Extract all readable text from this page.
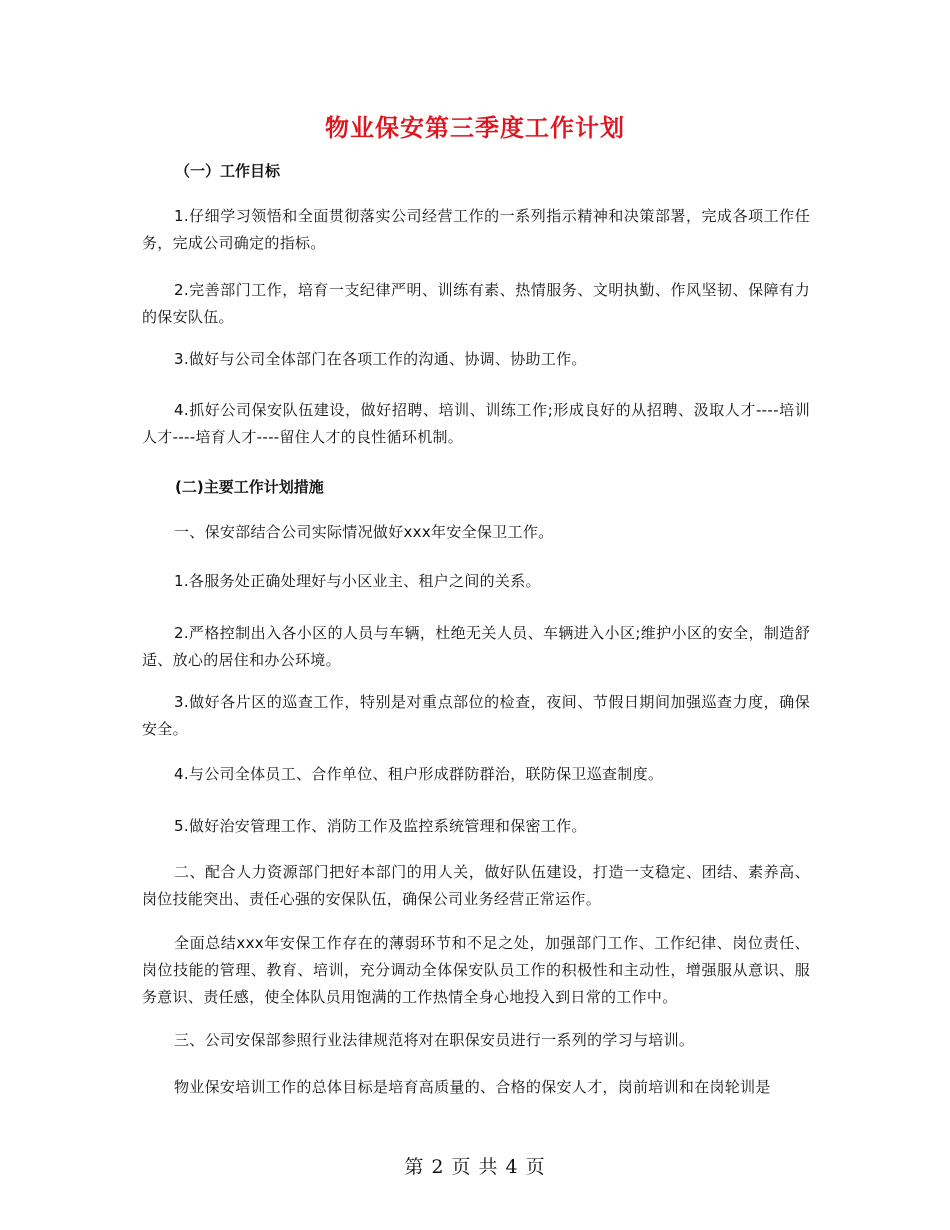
物业保安第三季度工作计划
（一）工作目标
1.仔细学习领悟和全面贯彻落实公司经营工作的一系列指示精神和决策部署，完成各项工作任务，完成公司确定的指标。
2.完善部门工作，培育一支纪律严明、训练有素、热情服务、文明执勤、作风坚韧、保障有力的保安队伍。
3.做好与公司全体部门在各项工作的沟通、协调、协助工作。
4.抓好公司保安队伍建设，做好招聘、培训、训练工作;形成良好的从招聘、汲取人才----培训人才----培育人才----留住人才的良性循环机制。
(二)主要工作计划措施
一、保安部结合公司实际情况做好xxx年安全保卫工作。
1.各服务处正确处理好与小区业主、租户之间的关系。
2.严格控制出入各小区的人员与车辆，杜绝无关人员、车辆进入小区;维护小区的安全，制造舒适、放心的居住和办公环境。
3.做好各片区的巡查工作，特别是对重点部位的检查，夜间、节假日期间加强巡查力度，确保安全。
4.与公司全体员工、合作单位、租户形成群防群治，联防保卫巡查制度。
5.做好治安管理工作、消防工作及监控系统管理和保密工作。
二、配合人力资源部门把好本部门的用人关，做好队伍建设，打造一支稳定、团结、素养高、岗位技能突出、责任心强的安保队伍，确保公司业务经营正常运作。
全面总结xxx年安保工作存在的薄弱环节和不足之处，加强部门工作、工作纪律、岗位责任、岗位技能的管理、教育、培训，充分调动全体保安队员工作的积极性和主动性，增强服从意识、服务意识、责任感，使全体队员用饱满的工作热情全身心地投入到日常的工作中。
三、公司安保部参照行业法律规范将对在职保安员进行一系列的学习与培训。
物业保安培训工作的总体目标是培育高质量的、合格的保安人才，岗前培训和在岗轮训是
第 2 页 共 4 页
